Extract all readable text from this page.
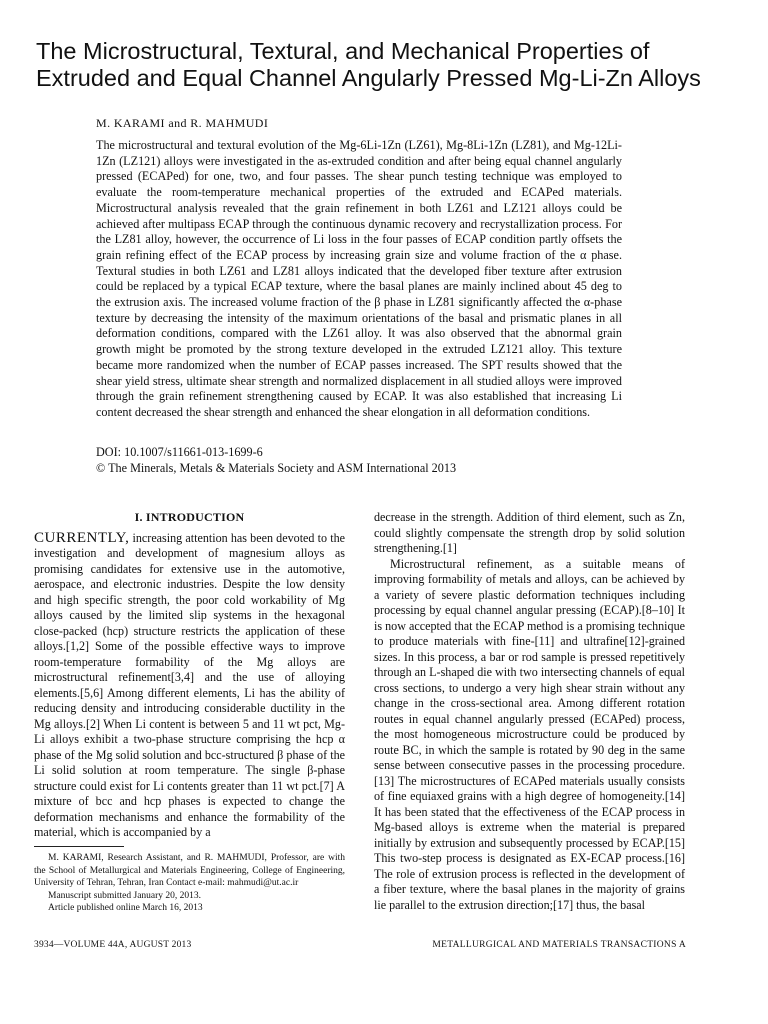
The Microstructural, Textural, and Mechanical Properties of Extruded and Equal Channel Angularly Pressed Mg-Li-Zn Alloys
M. KARAMI and R. MAHMUDI

The microstructural and textural evolution of the Mg-6Li-1Zn (LZ61), Mg-8Li-1Zn (LZ81), and Mg-12Li-1Zn (LZ121) alloys were investigated in the as-extruded condition and after being equal channel angularly pressed (ECAPed) for one, two, and four passes. The shear punch testing technique was employed to evaluate the room-temperature mechanical properties of the extruded and ECAPed materials. Microstructural analysis revealed that the grain refinement in both LZ61 and LZ121 alloys could be achieved after multipass ECAP through the continuous dynamic recovery and recrystallization process. For the LZ81 alloy, however, the occurrence of Li loss in the four passes of ECAP condition partly offsets the grain refining effect of the ECAP process by increasing grain size and volume fraction of the α phase. Textural studies in both LZ61 and LZ81 alloys indicated that the developed fiber texture after extrusion could be replaced by a typical ECAP texture, where the basal planes are mainly inclined about 45 deg to the extrusion axis. The increased volume fraction of the β phase in LZ81 significantly affected the α-phase texture by decreasing the intensity of the maximum orientations of the basal and prismatic planes in all deformation conditions, compared with the LZ61 alloy. It was also observed that the abnormal grain growth might be promoted by the strong texture developed in the extruded LZ121 alloy. This texture became more randomized when the number of ECAP passes increased. The SPT results showed that the shear yield stress, ultimate shear strength and normalized displacement in all studied alloys were improved through the grain refinement strengthening caused by ECAP. It was also established that increasing Li content decreased the shear strength and enhanced the shear elongation in all deformation conditions.

DOI: 10.1007/s11661-013-1699-6
© The Minerals, Metals & Materials Society and ASM International 2013
I. INTRODUCTION

CURRENTLY, increasing attention has been devoted to the investigation and development of magnesium alloys as promising candidates for extensive use in the automotive, aerospace, and electronic industries. Despite the low density and high specific strength, the poor cold workability of Mg alloys caused by the limited slip systems in the hexagonal close-packed (hcp) structure restricts the application of these alloys.[1,2] Some of the possible effective ways to improve room-temperature formability of the Mg alloys are microstructural refinement[3,4] and the use of alloying elements.[5,6] Among different elements, Li has the ability of reducing density and introducing considerable ductility in the Mg alloys.[2] When Li content is between 5 and 11 wt pct, Mg-Li alloys exhibit a two-phase structure comprising the hcp α phase of the Mg solid solution and bcc-structured β phase of the Li solid solution at room temperature. The single β-phase structure could exist for Li contents greater than 11 wt pct.[7] A mixture of bcc and hcp phases is expected to change the deformation mechanisms and enhance the formability of the material, which is accompanied by a

decrease in the strength. Addition of third element, such as Zn, could slightly compensate the strength drop by solid solution strengthening.[1]

Microstructural refinement, as a suitable means of improving formability of metals and alloys, can be achieved by a variety of severe plastic deformation techniques including processing by equal channel angular pressing (ECAP).[8–10] It is now accepted that the ECAP method is a promising technique to produce materials with fine-[11] and ultrafine[12]-grained sizes. In this process, a bar or rod sample is pressed repetitively through an L-shaped die with two intersecting channels of equal cross sections, to undergo a very high shear strain without any change in the cross-sectional area. Among different rotation routes in equal channel angularly pressed (ECAPed) process, the most homogeneous microstructure could be produced by route BC, in which the sample is rotated by 90 deg in the same sense between consecutive passes in the processing procedure.[13] The microstructures of ECAPed materials usually consists of fine equiaxed grains with a high degree of homogeneity.[14] It has been stated that the effectiveness of the ECAP process in Mg-based alloys is extreme when the material is prepared initially by extrusion and subsequently processed by ECAP.[15] This two-step process is designated as EX-ECAP process.[16] The role of extrusion process is reflected in the development of a fiber texture, where the basal planes in the majority of grains lie parallel to the extrusion direction;[17] thus, the basal

M. KARAMI, Research Assistant, and R. MAHMUDI, Professor, are with the School of Metallurgical and Materials Engineering, College of Engineering, University of Tehran, Tehran, Iran Contact e-mail: mahmudi@ut.ac.ir

Manuscript submitted January 20, 2013.

Article published online March 16, 2013

3934—VOLUME 44A, AUGUST 2013	METALLURGICAL AND MATERIALS TRANSACTIONS A
